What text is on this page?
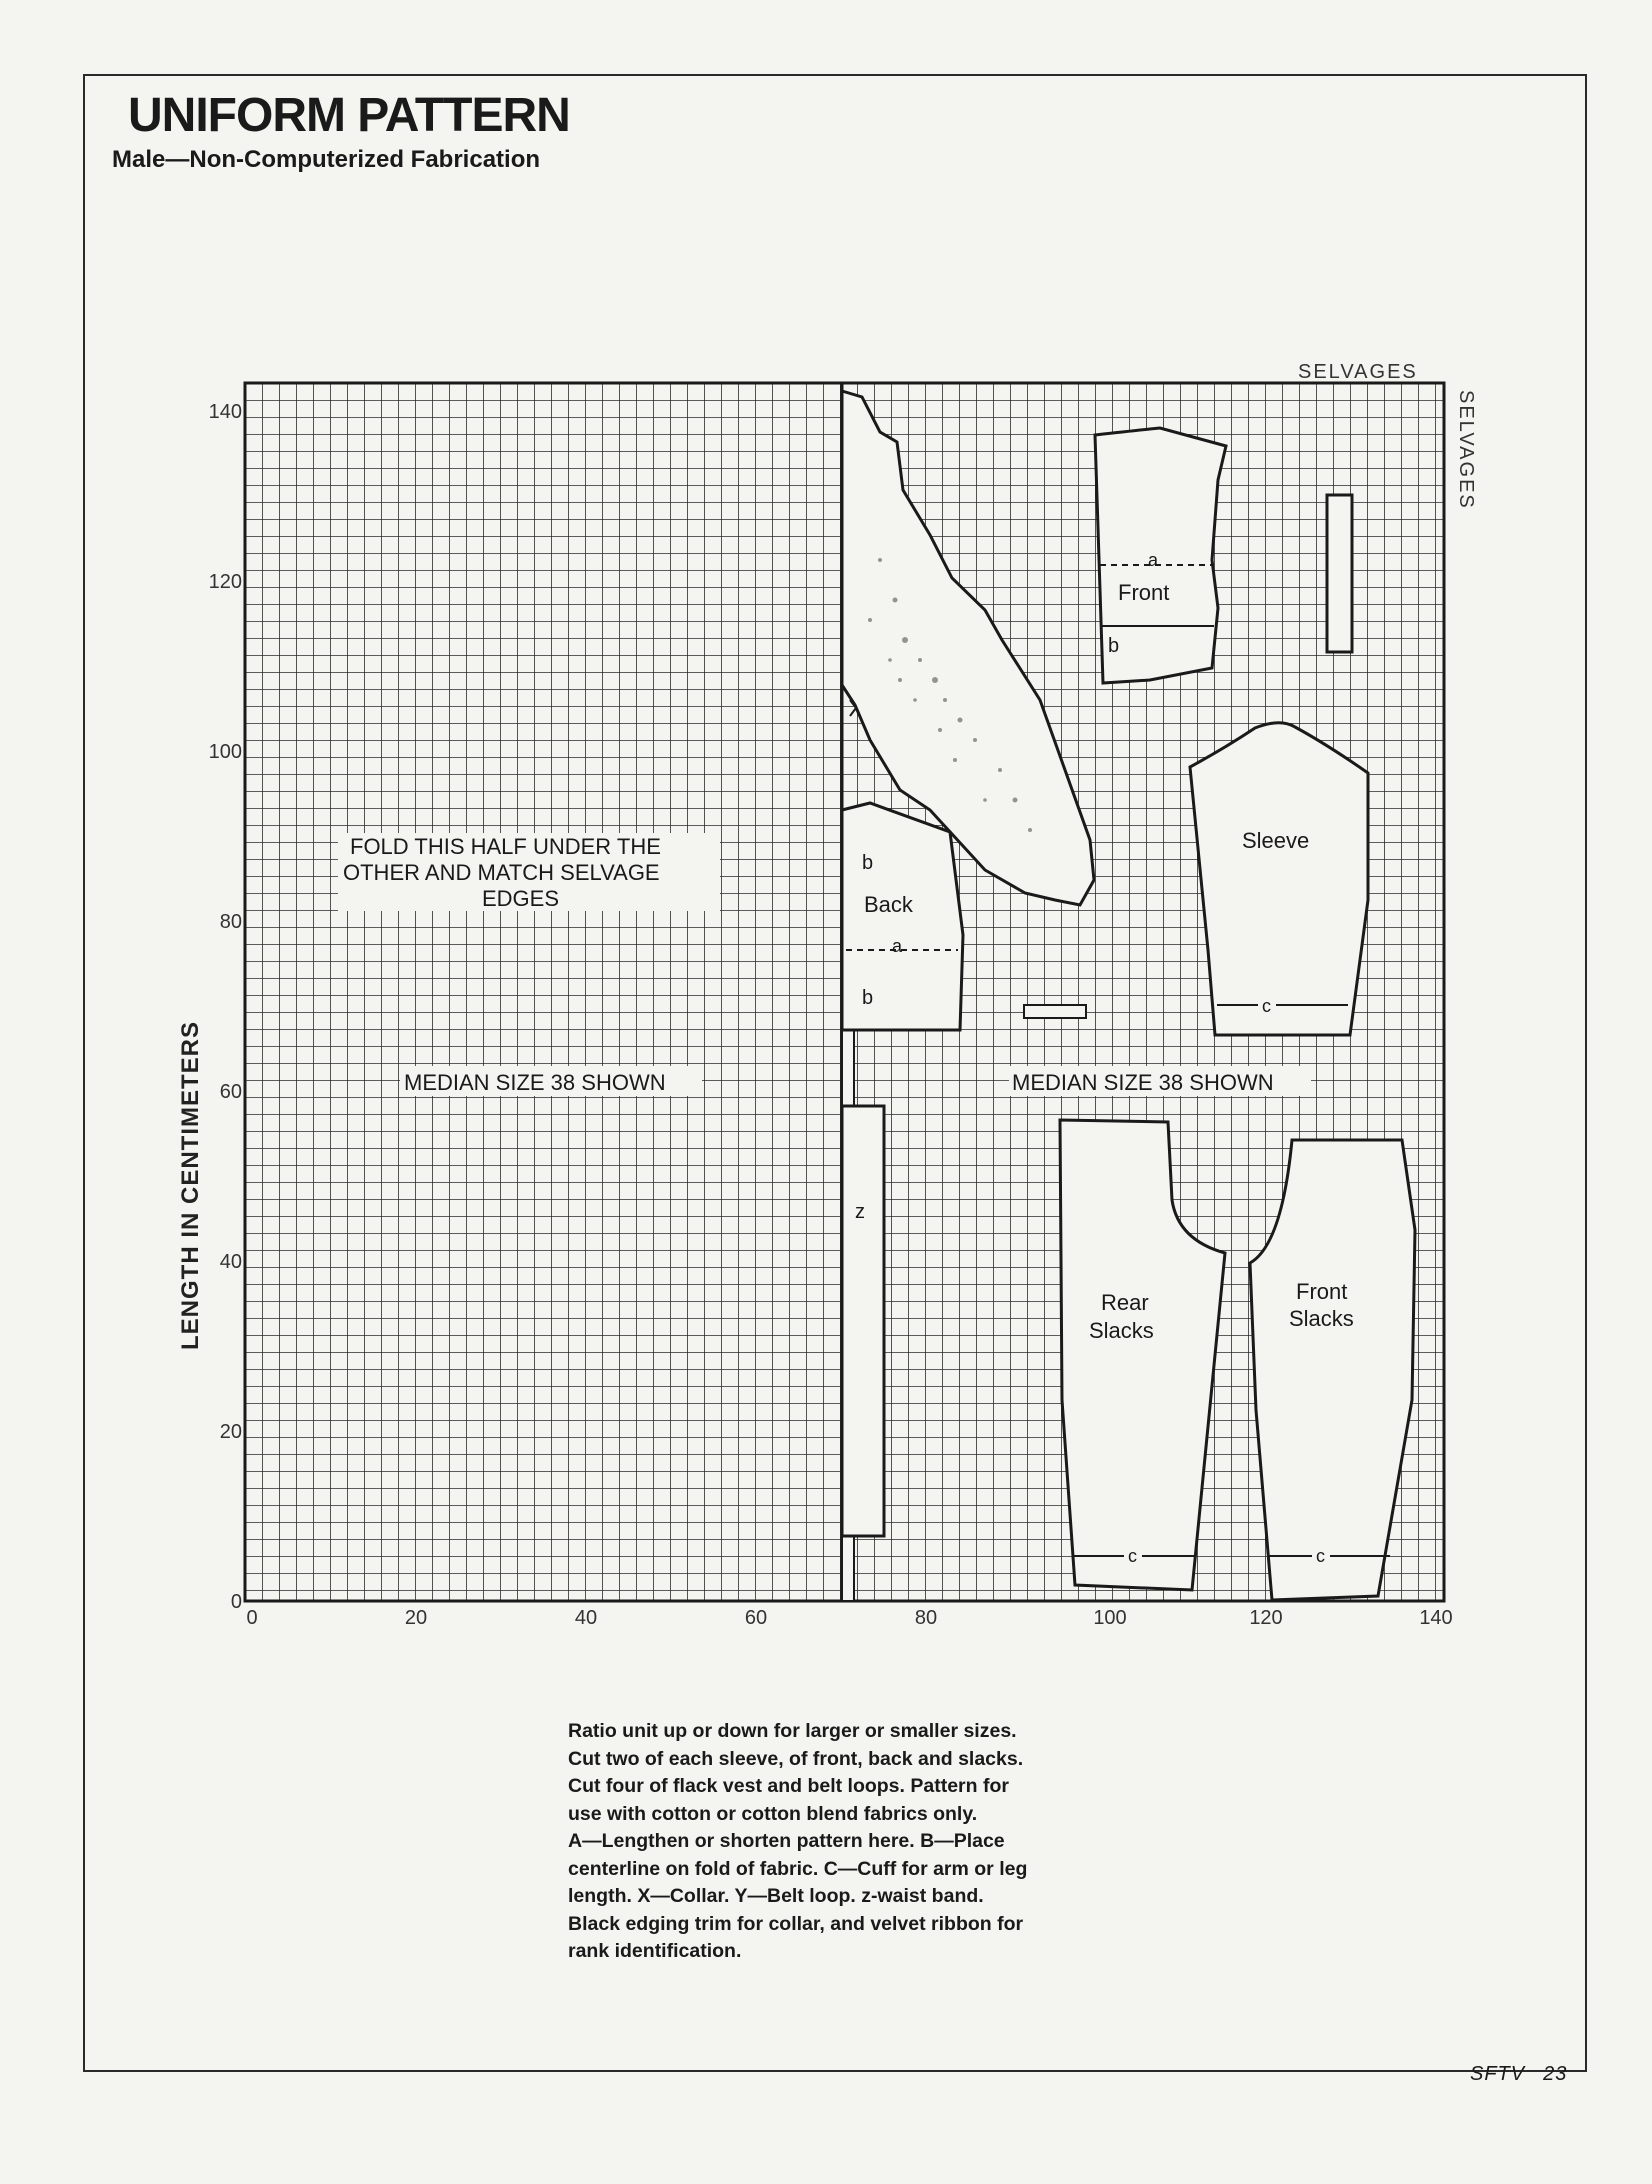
UNIFORM PATTERN
Male—Non-Computerized Fabrication
0
20
40
60
80
100
120
140
0	20	40	60	80	100	120	140
LENGTH IN CENTIMETERS
SELVAGES
SELVAGES
FOLD THIS HALF UNDER THE
OTHER AND MATCH SELVAGE
EDGES
MEDIAN SIZE 38 SHOWN	MEDIAN SIZE 38 SHOWN
b
Back
a
b
a
Front
b
Sleeve
c
z
Rear
Slacks
c
Front
Slacks
c
Ratio unit up or down for larger or smaller sizes.
Cut two of each sleeve, of front, back and slacks.
Cut four of flack vest and belt loops. Pattern for
use with cotton or cotton blend fabrics only.
A—Lengthen or shorten pattern here. B—Place
centerline on fold of fabric. C—Cuff for arm or leg
length. X—Collar. Y—Belt loop. z-waist band.
Black edging trim for collar, and velvet ribbon for
rank identification.
SFTV 23
